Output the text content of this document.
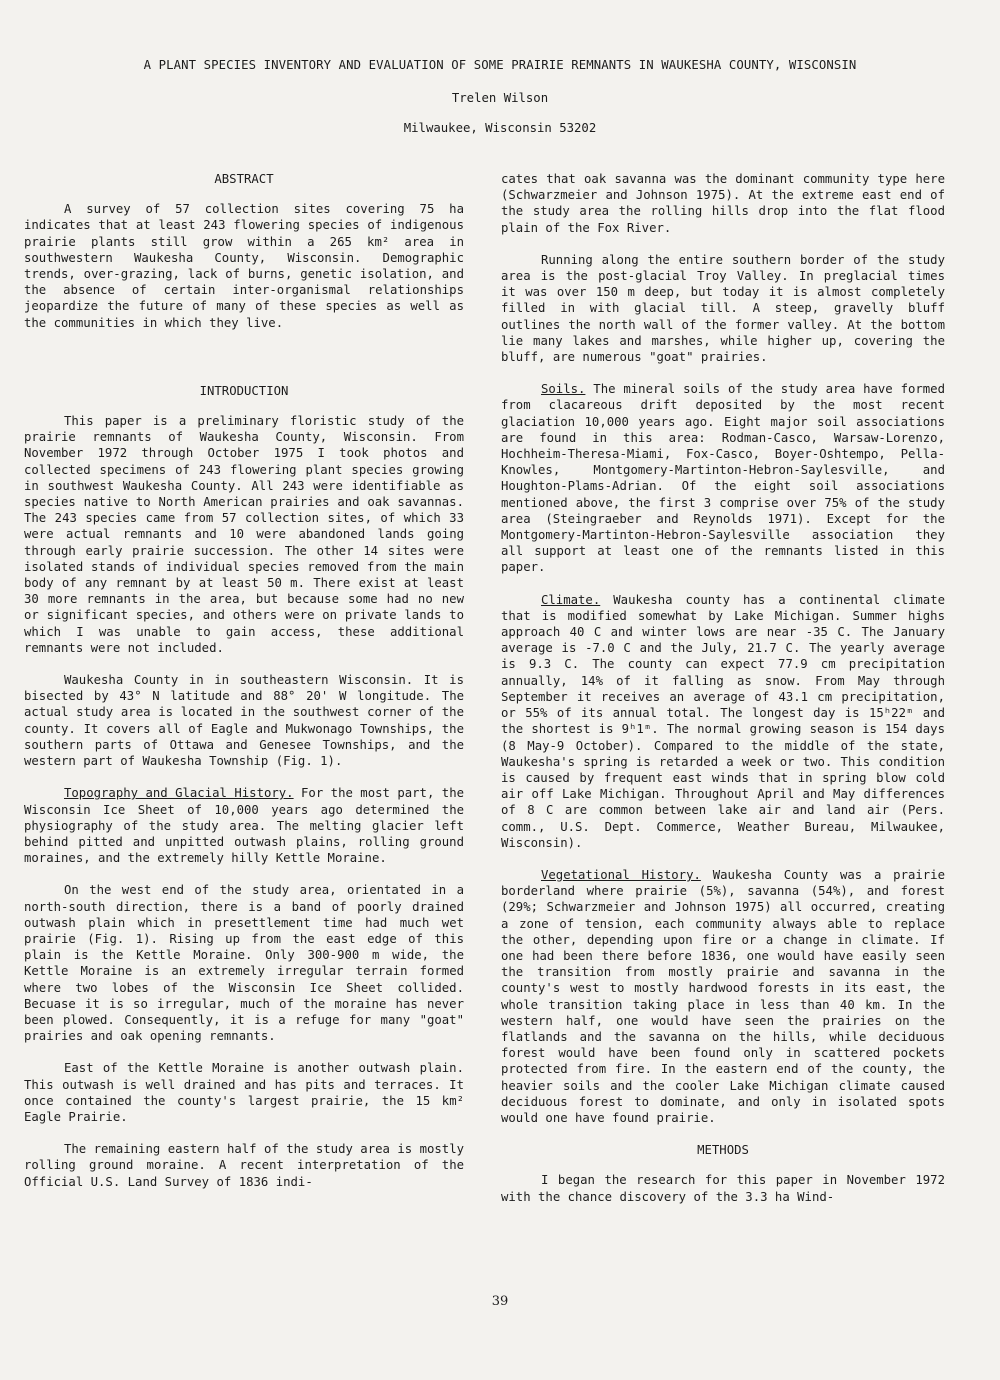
A PLANT SPECIES INVENTORY AND EVALUATION OF SOME PRAIRIE REMNANTS IN WAUKESHA COUNTY, WISCONSIN
Trelen Wilson
Milwaukee, Wisconsin 53202
ABSTRACT

A survey of 57 collection sites covering 75 ha indicates that at least 243 flowering species of indigenous prairie plants still grow within a 265 km² area in southwestern Waukesha County, Wisconsin. Demographic trends, over-grazing, lack of burns, genetic isolation, and the absence of certain inter-organismal relationships jeopardize the future of many of these species as well as the communities in which they live.

INTRODUCTION

This paper is a preliminary floristic study of the prairie remnants of Waukesha County, Wisconsin. From November 1972 through October 1975 I took photos and collected specimens of 243 flowering plant species growing in southwest Waukesha County. All 243 were identifiable as species native to North American prairies and oak savannas. The 243 species came from 57 collection sites, of which 33 were actual remnants and 10 were abandoned lands going through early prairie succession. The other 14 sites were isolated stands of individual species removed from the main body of any remnant by at least 50 m. There exist at least 30 more remnants in the area, but because some had no new or significant species, and others were on private lands to which I was unable to gain access, these additional remnants were not included.

Waukesha County in in southeastern Wisconsin. It is bisected by 43° N latitude and 88° 20' W longitude. The actual study area is located in the southwest corner of the county. It covers all of Eagle and Mukwonago Townships, the southern parts of Ottawa and Genesee Townships, and the western part of Waukesha Township (Fig. 1).

Topography and Glacial History. For the most part, the Wisconsin Ice Sheet of 10,000 years ago determined the physiography of the study area. The melting glacier left behind pitted and unpitted outwash plains, rolling ground moraines, and the extremely hilly Kettle Moraine.

On the west end of the study area, orientated in a north-south direction, there is a band of poorly drained outwash plain which in presettlement time had much wet prairie (Fig. 1). Rising up from the east edge of this plain is the Kettle Moraine. Only 300-900 m wide, the Kettle Moraine is an extremely irregular terrain formed where two lobes of the Wisconsin Ice Sheet collided. Becuase it is so irregular, much of the moraine has never been plowed. Consequently, it is a refuge for many "goat" prairies and oak opening remnants.

East of the Kettle Moraine is another outwash plain. This outwash is well drained and has pits and terraces. It once contained the county's largest prairie, the 15 km² Eagle Prairie.

The remaining eastern half of the study area is mostly rolling ground moraine. A recent interpretation of the Official U.S. Land Survey of 1836 indi-

cates that oak savanna was the dominant community type here (Schwarzmeier and Johnson 1975). At the extreme east end of the study area the rolling hills drop into the flat flood plain of the Fox River.

Running along the entire southern border of the study area is the post-glacial Troy Valley. In preglacial times it was over 150 m deep, but today it is almost completely filled in with glacial till. A steep, gravelly bluff outlines the north wall of the former valley. At the bottom lie many lakes and marshes, while higher up, covering the bluff, are numerous "goat" prairies.

Soils. The mineral soils of the study area have formed from clacareous drift deposited by the most recent glaciation 10,000 years ago. Eight major soil associations are found in this area: Rodman-Casco, Warsaw-Lorenzo, Hochheim-Theresa-Miami, Fox-Casco, Boyer-Oshtempo, Pella-Knowles, Montgomery-Martinton-Hebron-Saylesville, and Houghton-Plams-Adrian. Of the eight soil associations mentioned above, the first 3 comprise over 75% of the study area (Steingraeber and Reynolds 1971). Except for the Montgomery-Martinton-Hebron-Saylesville association they all support at least one of the remnants listed in this paper.

Climate. Waukesha county has a continental climate that is modified somewhat by Lake Michigan. Summer highs approach 40 C and winter lows are near -35 C. The January average is -7.0 C and the July, 21.7 C. The yearly average is 9.3 C. The county can expect 77.9 cm precipitation annually, 14% of it falling as snow. From May through September it receives an average of 43.1 cm precipitation, or 55% of its annual total. The longest day is 15ʰ22ᵐ and the shortest is 9ʰ1ᵐ. The normal growing season is 154 days (8 May-9 October). Compared to the middle of the state, Waukesha's spring is retarded a week or two. This condition is caused by frequent east winds that in spring blow cold air off Lake Michigan. Throughout April and May differences of 8 C are common between lake air and land air (Pers. comm., U.S. Dept. Commerce, Weather Bureau, Milwaukee, Wisconsin).

Vegetational History. Waukesha County was a prairie borderland where prairie (5%), savanna (54%), and forest (29%; Schwarzmeier and Johnson 1975) all occurred, creating a zone of tension, each community always able to replace the other, depending upon fire or a change in climate. If one had been there before 1836, one would have easily seen the transition from mostly prairie and savanna in the county's west to mostly hardwood forests in its east, the whole transition taking place in less than 40 km. In the western half, one would have seen the prairies on the flatlands and the savanna on the hills, while deciduous forest would have been found only in scattered pockets protected from fire. In the eastern end of the county, the heavier soils and the cooler Lake Michigan climate caused deciduous forest to dominate, and only in isolated spots would one have found prairie.

METHODS

I began the research for this paper in November 1972 with the chance discovery of the 3.3 ha Wind-

39
